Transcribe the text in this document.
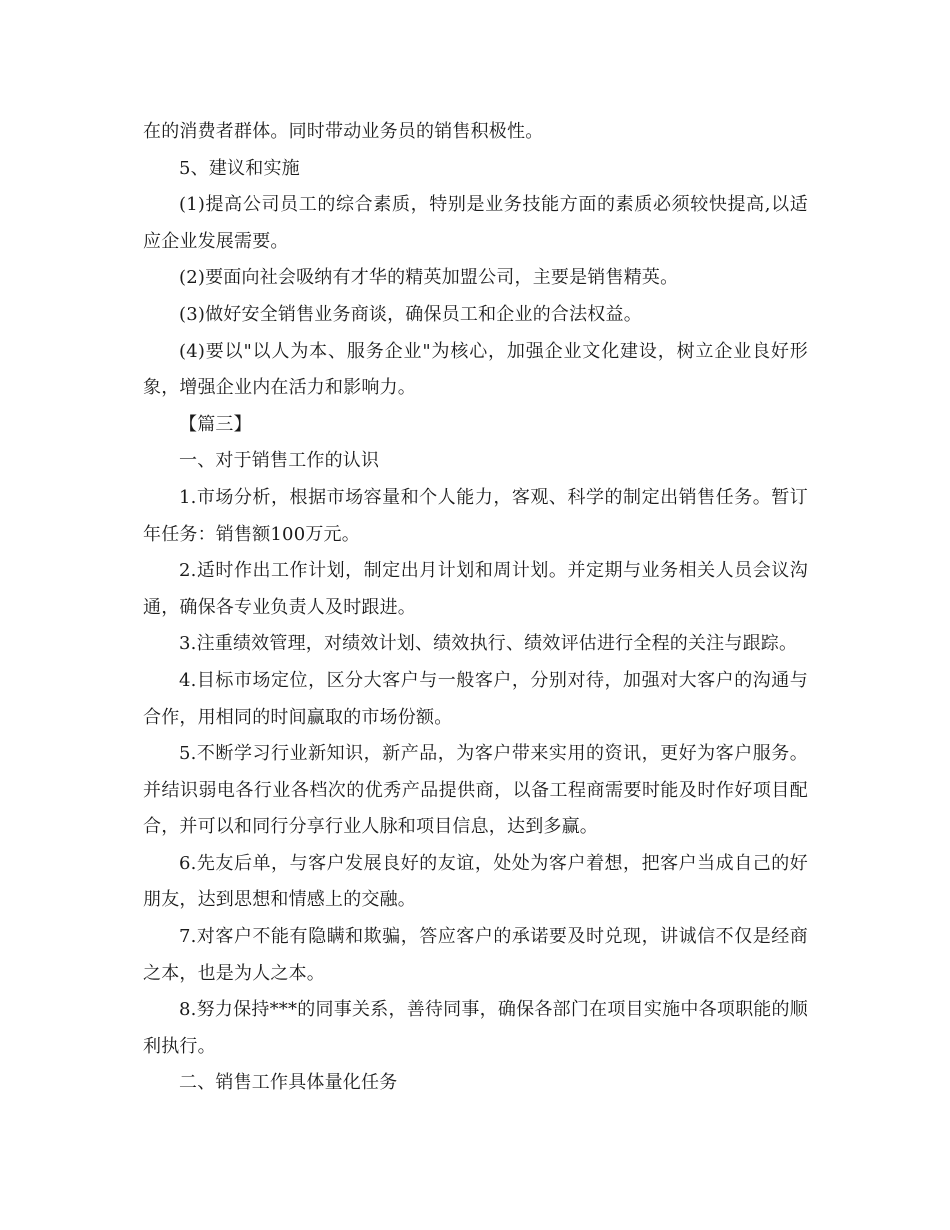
在的消费者群体。同时带动业务员的销售积极性。

5、建议和实施

(1)提高公司员工的综合素质，特别是业务技能方面的素质必须较快提高,以适应企业发展需要。

(2)要面向社会吸纳有才华的精英加盟公司，主要是销售精英。

(3)做好安全销售业务商谈，确保员工和企业的合法权益。

(4)要以"以人为本、服务企业"为核心，加强企业文化建设，树立企业良好形象，增强企业内在活力和影响力。

【篇三】

一、对于销售工作的认识

1.市场分析，根据市场容量和个人能力，客观、科学的制定出销售任务。暂订年任务：销售额100万元。

2.适时作出工作计划，制定出月计划和周计划。并定期与业务相关人员会议沟通，确保各专业负责人及时跟进。

3.注重绩效管理，对绩效计划、绩效执行、绩效评估进行全程的关注与跟踪。

4.目标市场定位，区分大客户与一般客户，分别对待，加强对大客户的沟通与合作，用相同的时间赢取的市场份额。

5.不断学习行业新知识，新产品，为客户带来实用的资讯，更好为客户服务。并结识弱电各行业各档次的优秀产品提供商，以备工程商需要时能及时作好项目配合，并可以和同行分享行业人脉和项目信息，达到多赢。

6.先友后单，与客户发展良好的友谊，处处为客户着想，把客户当成自己的好朋友，达到思想和情感上的交融。

7.对客户不能有隐瞒和欺骗，答应客户的承诺要及时兑现，讲诚信不仅是经商之本，也是为人之本。

8.努力保持***的同事关系，善待同事，确保各部门在项目实施中各项职能的顺利执行。

二、销售工作具体量化任务
